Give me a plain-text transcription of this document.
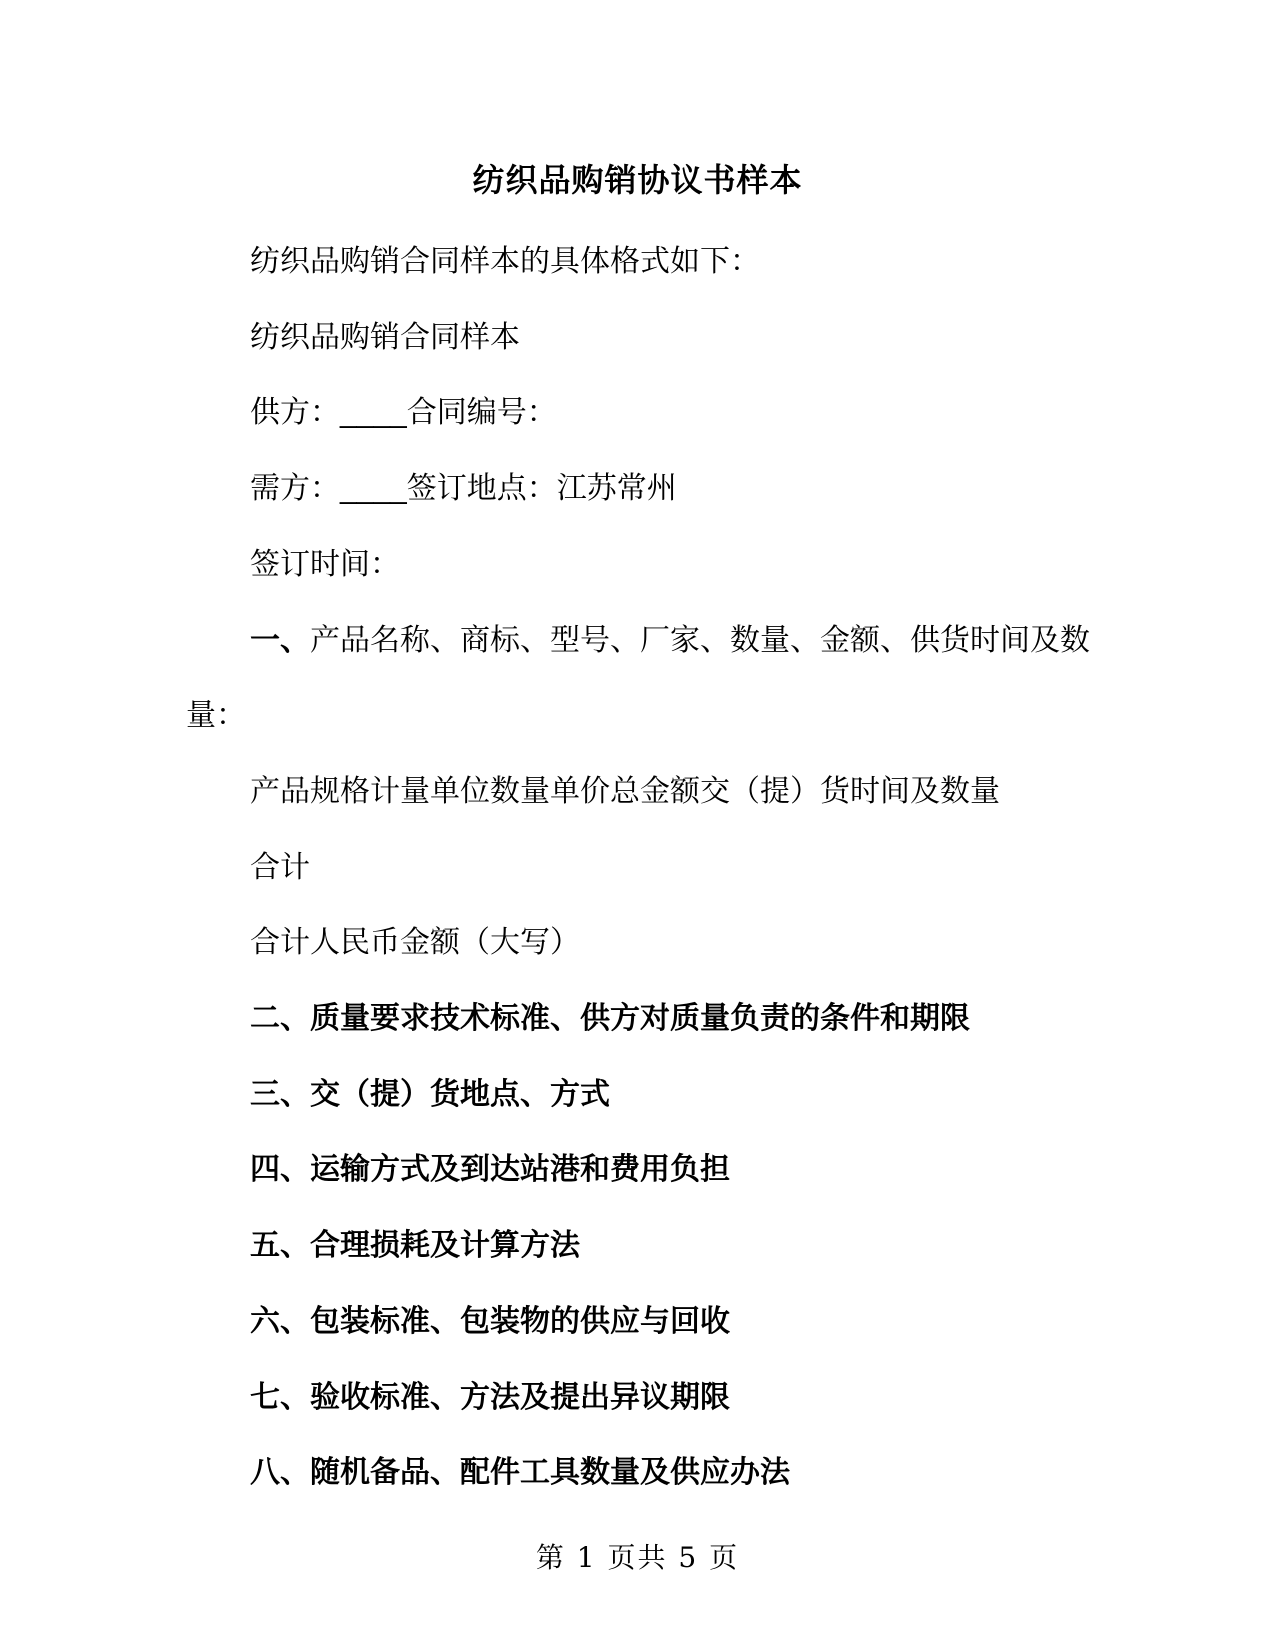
纺织品购销协议书样本

纺织品购销合同样本的具体格式如下：

纺织品购销合同样本

供方：____合同编号：

需方：____签订地点：江苏常州

签订时间：

一、产品名称、商标、型号、厂家、数量、金额、供货时间及数

量：

产品规格计量单位数量单价总金额交（提）货时间及数量

合计

合计人民币金额（大写）

二、质量要求技术标准、供方对质量负责的条件和期限

三、交（提）货地点、方式

四、运输方式及到达站港和费用负担

五、合理损耗及计算方法

六、包装标准、包装物的供应与回收

七、验收标准、方法及提出异议期限

八、随机备品、配件工具数量及供应办法

第 1 页共 5 页
